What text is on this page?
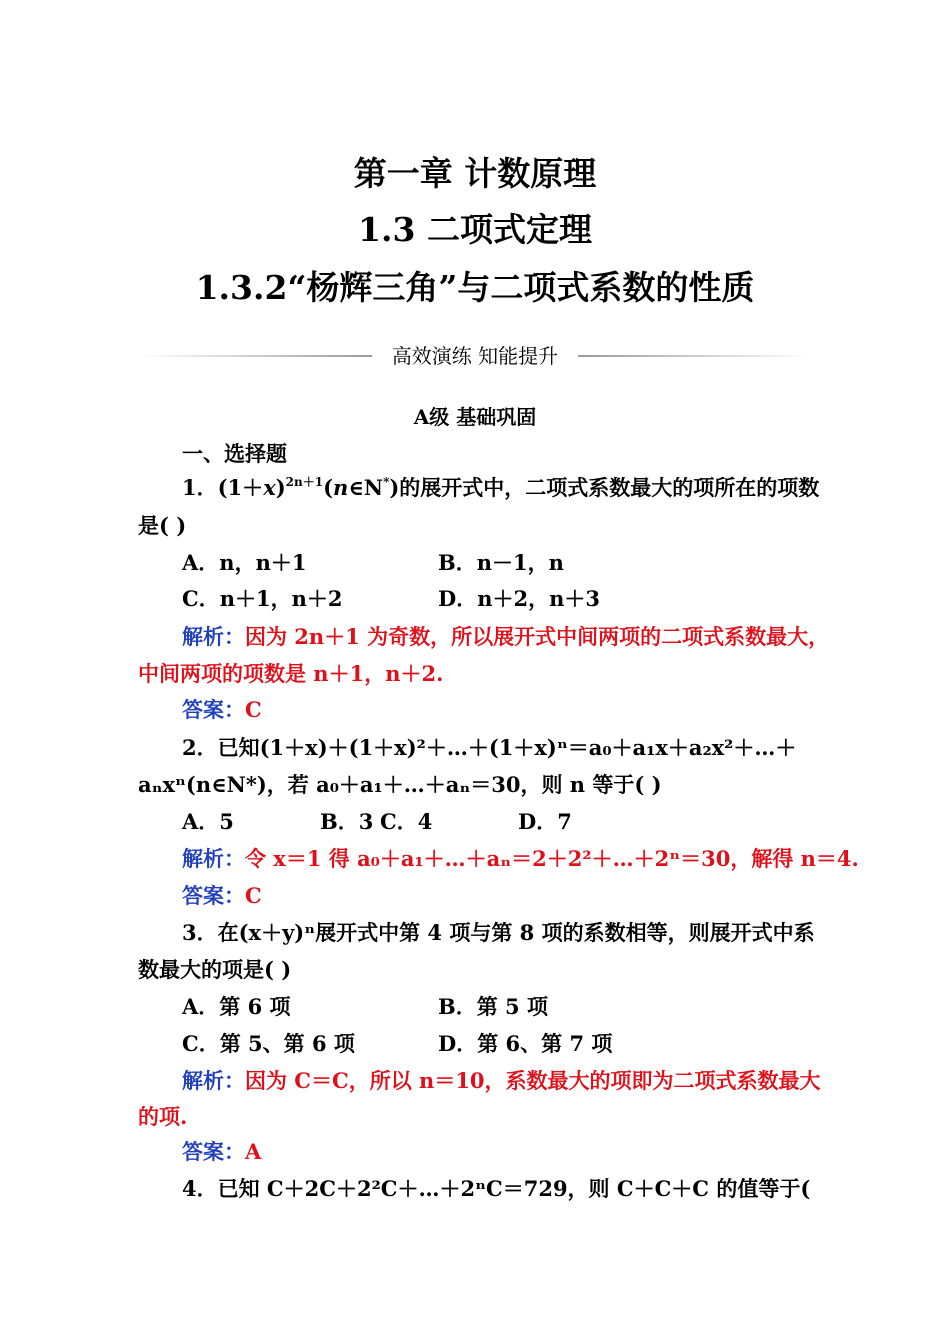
第一章 计数原理
1.3 二项式定理
1.3.2“杨辉三角”与二项式系数的性质
高效演练 知能提升
A级 基础巩固
一、选择题
1．$(1+x)^{2n+1}(n\in N^*)$的展开式中，二项式系数最大的项所在的项数
是( )
A．n，n＋1	B．n－1，n
C．n＋1，n＋2	D．n＋2，n＋3
解析：因为 2n＋1 为奇数，所以展开式中间两项的二项式系数最大，
中间两项的项数是 n＋1，n＋2.
答案：C
2．已知(1＋x)＋(1＋x)²＋…＋(1＋x)ⁿ＝a₀＋a₁x＋a₂x²＋…＋
aₙxⁿ(n∈N*)，若 a₀＋a₁＋…＋aₙ＝30，则 n 等于( )
A．5	B．3 C．4	D．7
解析：令 x＝1 得 a₀＋a₁＋…＋aₙ＝2＋2²＋…＋2ⁿ＝30，解得 n＝4.
答案：C
3．在(x＋y)ⁿ展开式中第 4 项与第 8 项的系数相等，则展开式中系
数最大的项是( )
A．第 6 项	B．第 5 项
C．第 5、第 6 项	D．第 6、第 7 项
解析：因为 C＝C，所以 n＝10，系数最大的项即为二项式系数最大
的项.
答案：A
4．已知 C＋2C＋2²C＋…＋2ⁿC＝729，则 C＋C＋C 的值等于(
